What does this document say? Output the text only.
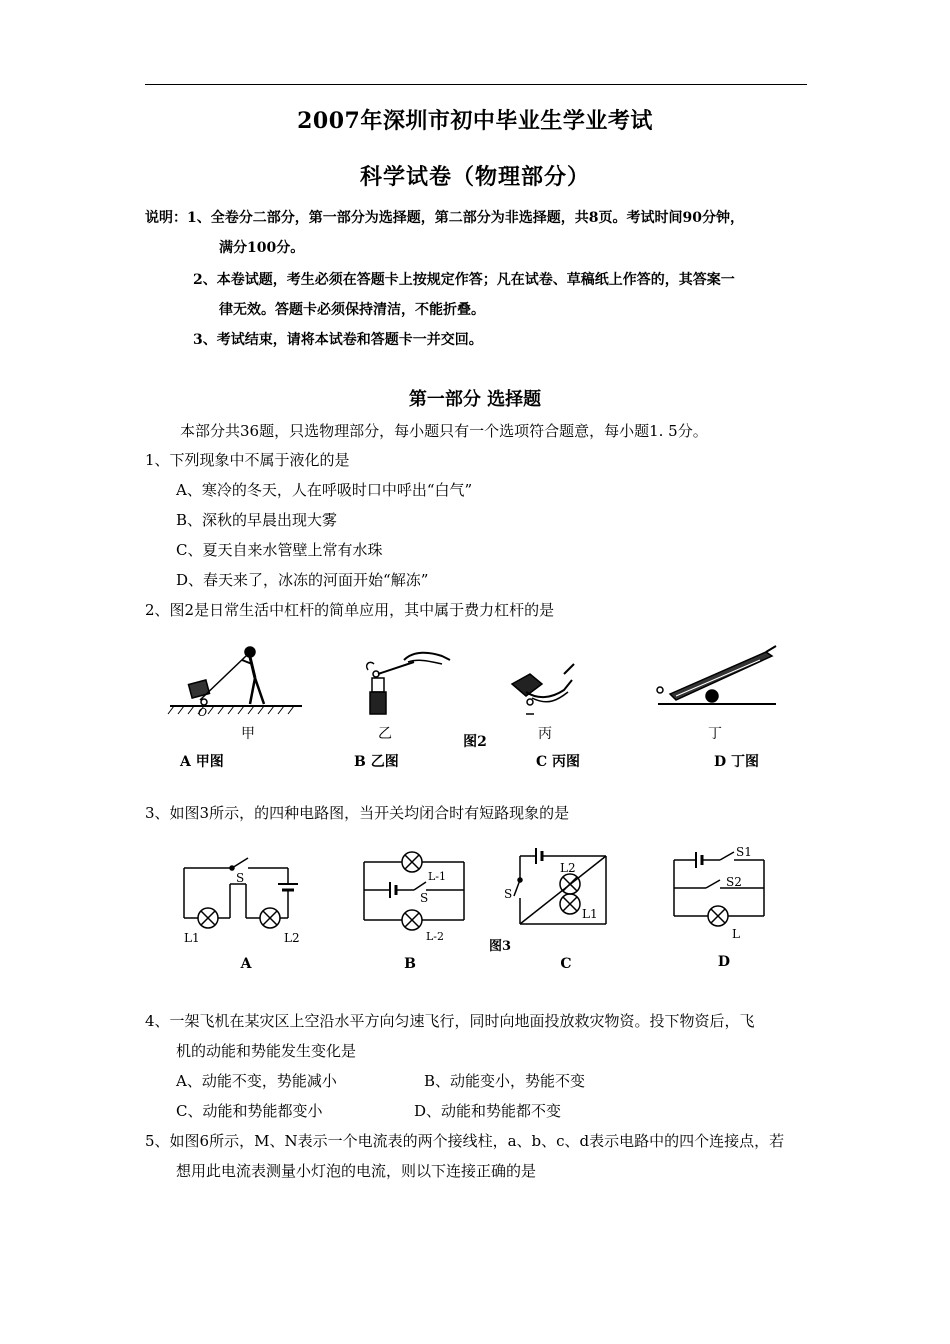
2007年深圳市初中毕业生学业考试
科学试卷（物理部分）
说明：1、全卷分二部分，第一部分为选择题，第二部分为非选择题，共8页。考试时间90分钟，
满分100分。
2、本卷试题，考生必须在答题卡上按规定作答；凡在试卷、草稿纸上作答的，其答案一
律无效。答题卡必须保持清洁，不能折叠。
3、考试结束，请将本试卷和答题卡一并交回。
第一部分 选择题
本部分共36题，只选物理部分，每小题只有一个选项符合题意，每小题1. 5分。
1、下列现象中不属于液化的是
A、寒冷的冬天，人在呼吸时口中呼出“白气”
B、深秋的早晨出现大雾
C、夏天自来水管壁上常有水珠
D、春天来了，冰冻的河面开始“解冻”
2、图2是日常生活中杠杆的简单应用，其中属于费力杠杆的是
O
甲	乙	丙	丁
图2
A 甲图	B 乙图	C 丙图	D 丁图
3、如图3所示，的四种电路图，当开关均闭合时有短路现象的是
S
L1	L2
L-1
S
L-2
L2
S
L1
S1
S2
L
A	B
图3
C	D
4、一架飞机在某灾区上空沿水平方向匀速飞行，同时向地面投放救灾物资。投下物资后，飞
机的动能和势能发生变化是
A、动能不变，势能减小	B、动能变小，势能不变
C、动能和势能都变小	D、动能和势能都不变
5、如图6所示，M、N表示一个电流表的两个接线柱，a、b、c、d表示电路中的四个连接点，若
想用此电流表测量小灯泡的电流，则以下连接正确的是
